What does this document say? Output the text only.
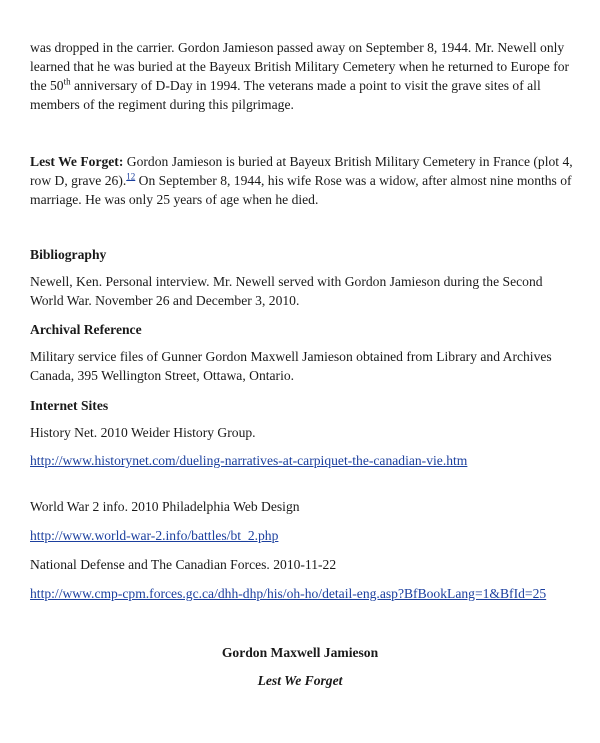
was dropped in the carrier. Gordon Jamieson passed away on September 8, 1944. Mr. Newell only learned that he was buried at the Bayeux British Military Cemetery when he returned to Europe for the 50th anniversary of D-Day in 1994. The veterans made a point to visit the grave sites of all members of the regiment during this pilgrimage.

Lest We Forget: Gordon Jamieson is buried at Bayeux British Military Cemetery in France (plot 4, row D, grave 26).$^{12}$ On September 8, 1944, his wife Rose was a widow, after almost nine months of marriage. He was only 25 years of age when he died.

Bibliography

Newell, Ken. Personal interview. Mr. Newell served with Gordon Jamieson during the Second World War. November 26 and December 3, 2010.

Archival Reference

Military service files of Gunner Gordon Maxwell Jamieson obtained from Library and Archives Canada, 395 Wellington Street, Ottawa, Ontario.

Internet Sites

History Net. 2010 Weider History Group.

http://www.historynet.com/dueling-narratives-at-carpiquet-the-canadian-vie.htm

World War 2 info. 2010 Philadelphia Web Design

http://www.world-war-2.info/battles/bt_2.php

National Defense and The Canadian Forces. 2010-11-22

http://www.cmp-cpm.forces.gc.ca/dhh-dhp/his/oh-ho/detail-eng.asp?BfBookLang=1&BfId=25

Gordon Maxwell Jamieson

Lest We Forget
